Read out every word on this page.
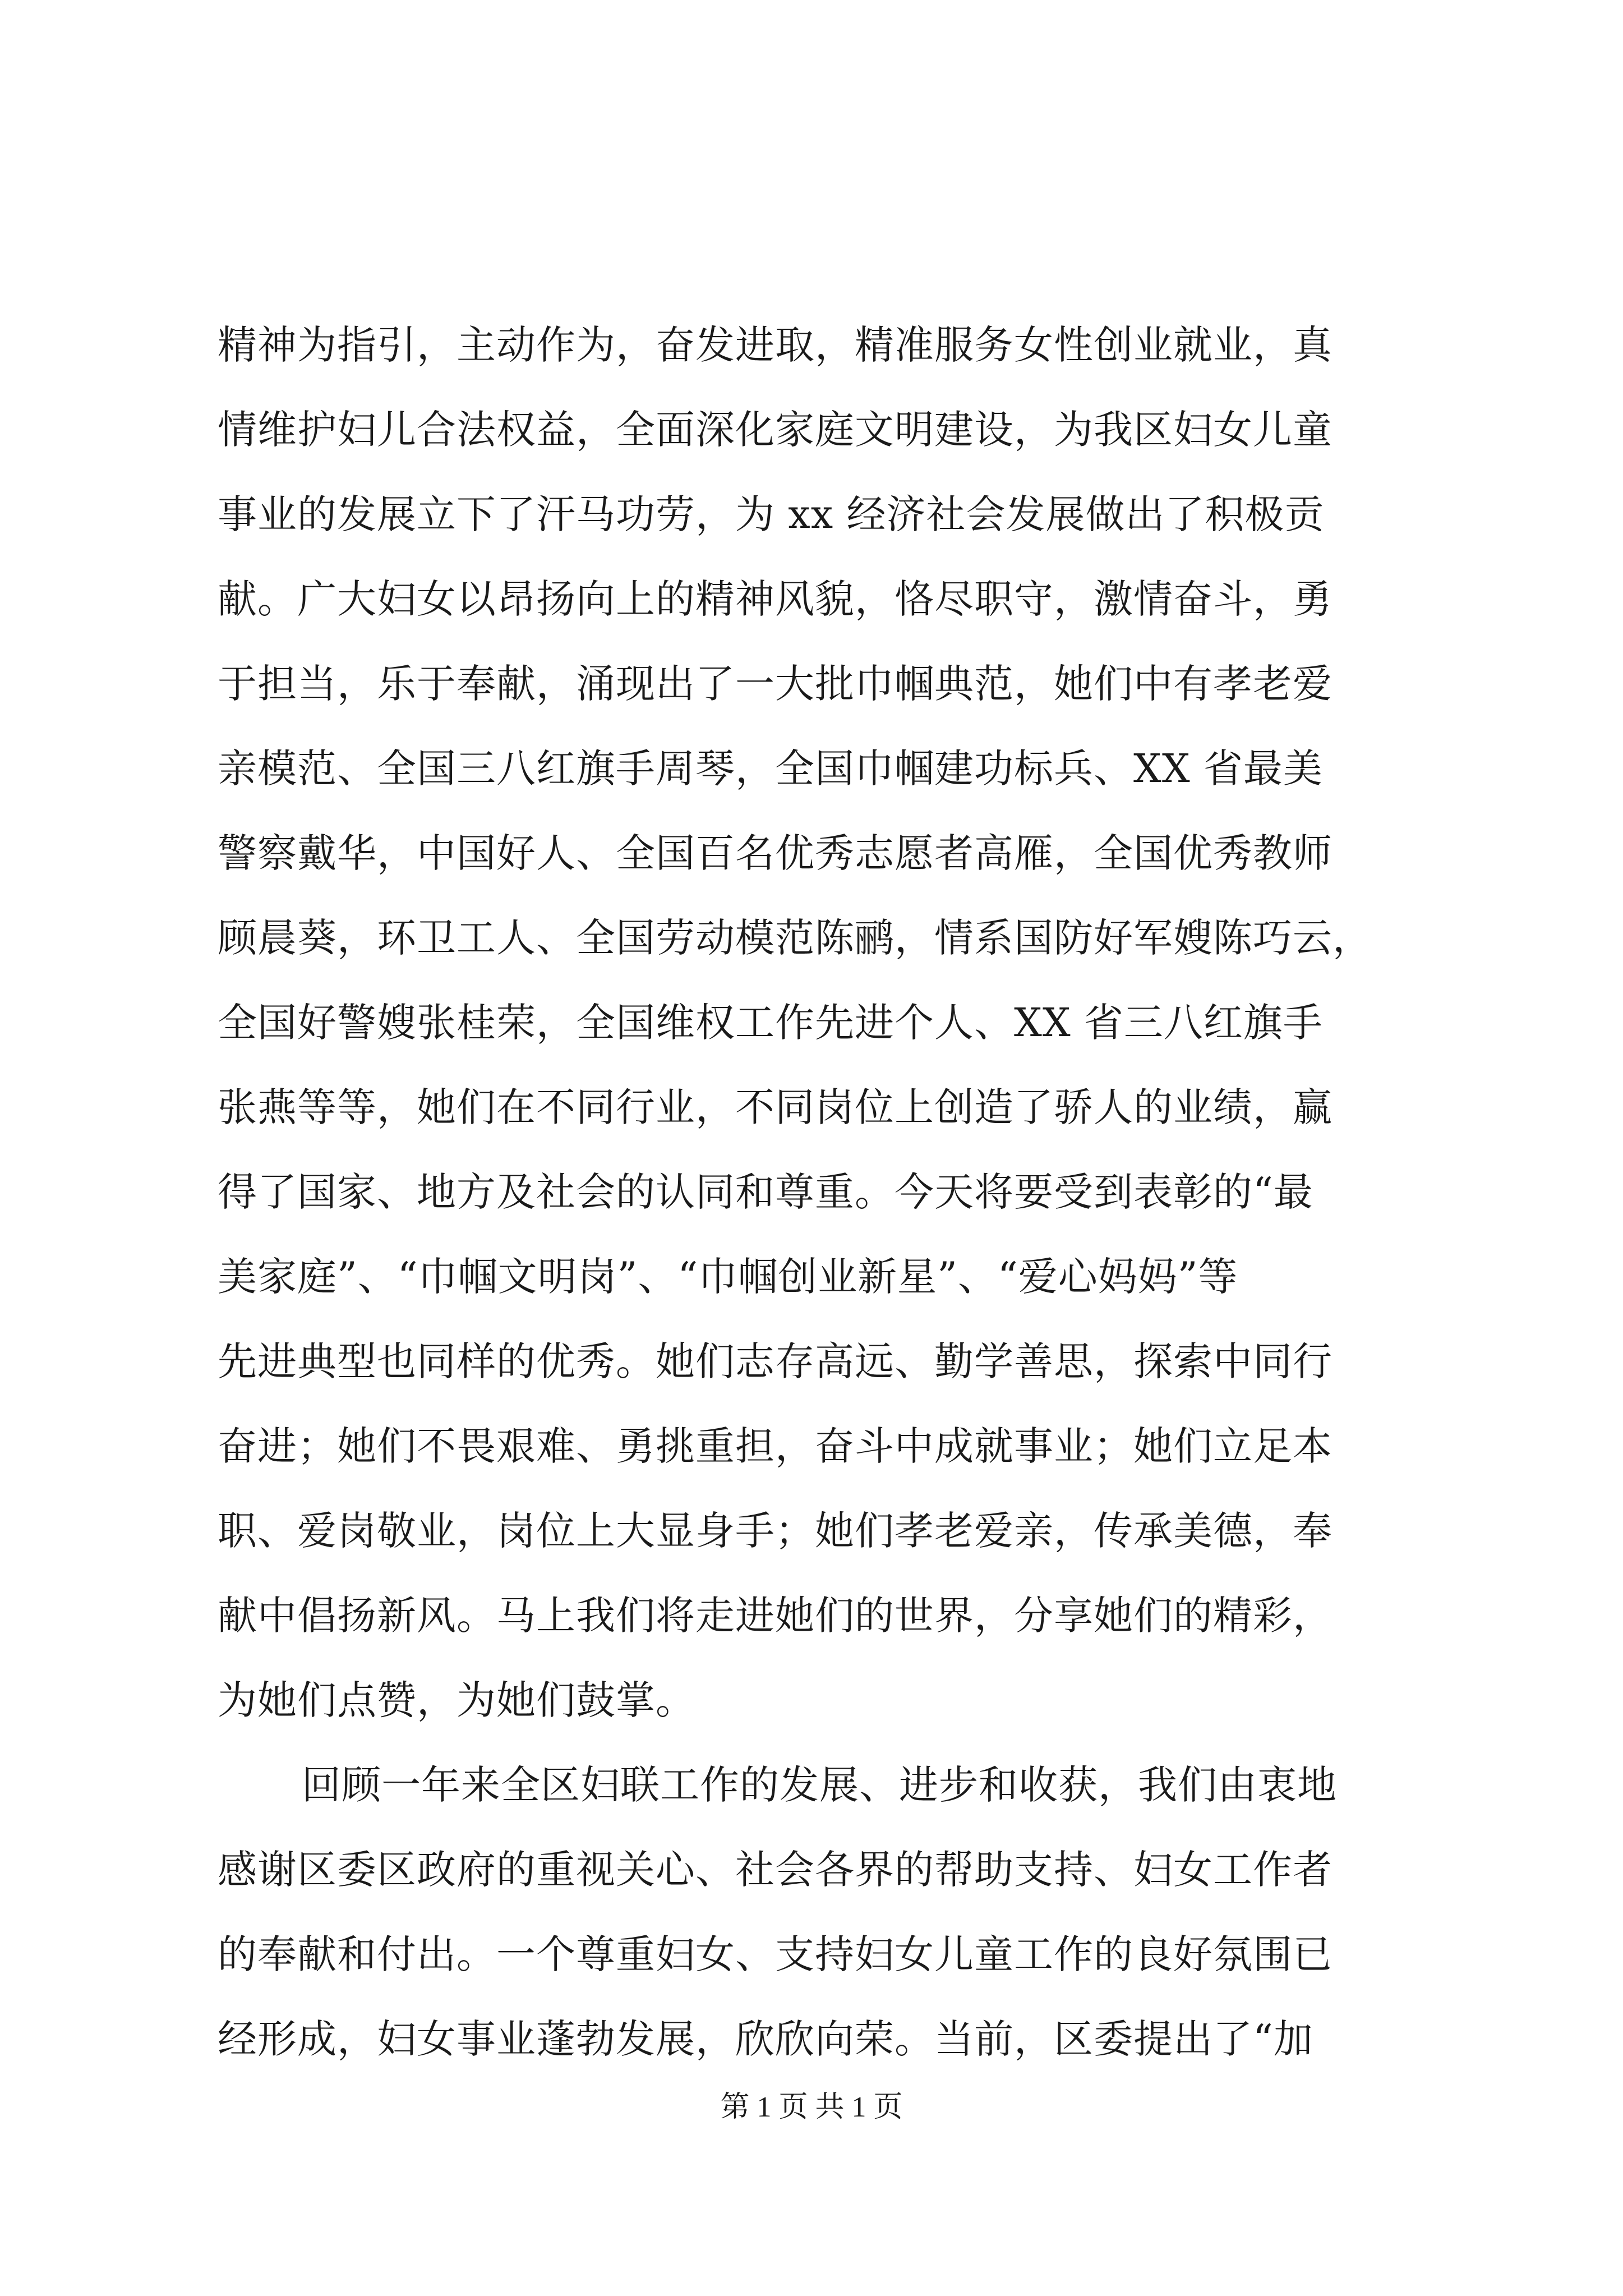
精神为指引，主动作为，奋发进取，精准服务女性创业就业，真
情维护妇儿合法权益，全面深化家庭文明建设，为我区妇女儿童
事业的发展立下了汗马功劳，为 xx 经济社会发展做出了积极贡
献。广大妇女以昂扬向上的精神风貌，恪尽职守，激情奋斗，勇
于担当，乐于奉献，涌现出了一大批巾帼典范，她们中有孝老爱
亲模范、全国三八红旗手周琴，全国巾帼建功标兵、XX 省最美
警察戴华，中国好人、全国百名优秀志愿者高雁，全国优秀教师
顾晨葵，环卫工人、全国劳动模范陈鹂，情系国防好军嫂陈巧云，
全国好警嫂张桂荣，全国维权工作先进个人、XX 省三八红旗手
张燕等等，她们在不同行业，不同岗位上创造了骄人的业绩，赢
得了国家、地方及社会的认同和尊重。今天将要受到表彰的“最
美家庭”、“巾帼文明岗”、“巾帼创业新星”、“爱心妈妈”等
先进典型也同样的优秀。她们志存高远、勤学善思，探索中同行
奋进；她们不畏艰难、勇挑重担，奋斗中成就事业；她们立足本
职、爱岗敬业，岗位上大显身手；她们孝老爱亲，传承美德，奉
献中倡扬新风。马上我们将走进她们的世界，分享她们的精彩，
为她们点赞，为她们鼓掌。
回顾一年来全区妇联工作的发展、进步和收获，我们由衷地
感谢区委区政府的重视关心、社会各界的帮助支持、妇女工作者
的奉献和付出。一个尊重妇女、支持妇女儿童工作的良好氛围已
经形成，妇女事业蓬勃发展，欣欣向荣。当前，区委提出了“加
第 1 页 共 1 页
